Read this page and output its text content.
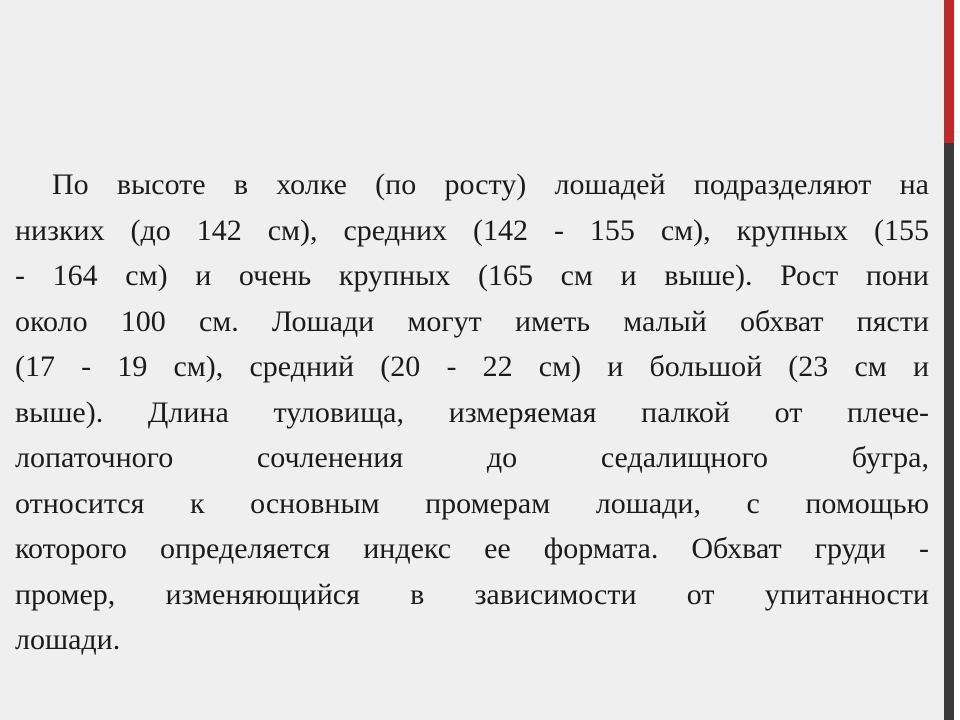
По высоте в холке (по росту) лошадей подразделяют на
низких (до 142 см), средних (142 - 155 см), крупных (155
- 164 см) и очень крупных (165 см и выше). Рост пони
около 100 см. Лошади могут иметь малый обхват пясти
(17 - 19 см), средний (20 - 22 см) и большой (23 см и
выше). Длина туловища, измеряемая палкой от плече-
лопаточного сочленения до седалищного бугра,
относится к основным промерам лошади, с помощью
которого определяется индекс ее формата. Обхват груди -
промер, изменяющийся в зависимости от упитанности
лошади.
